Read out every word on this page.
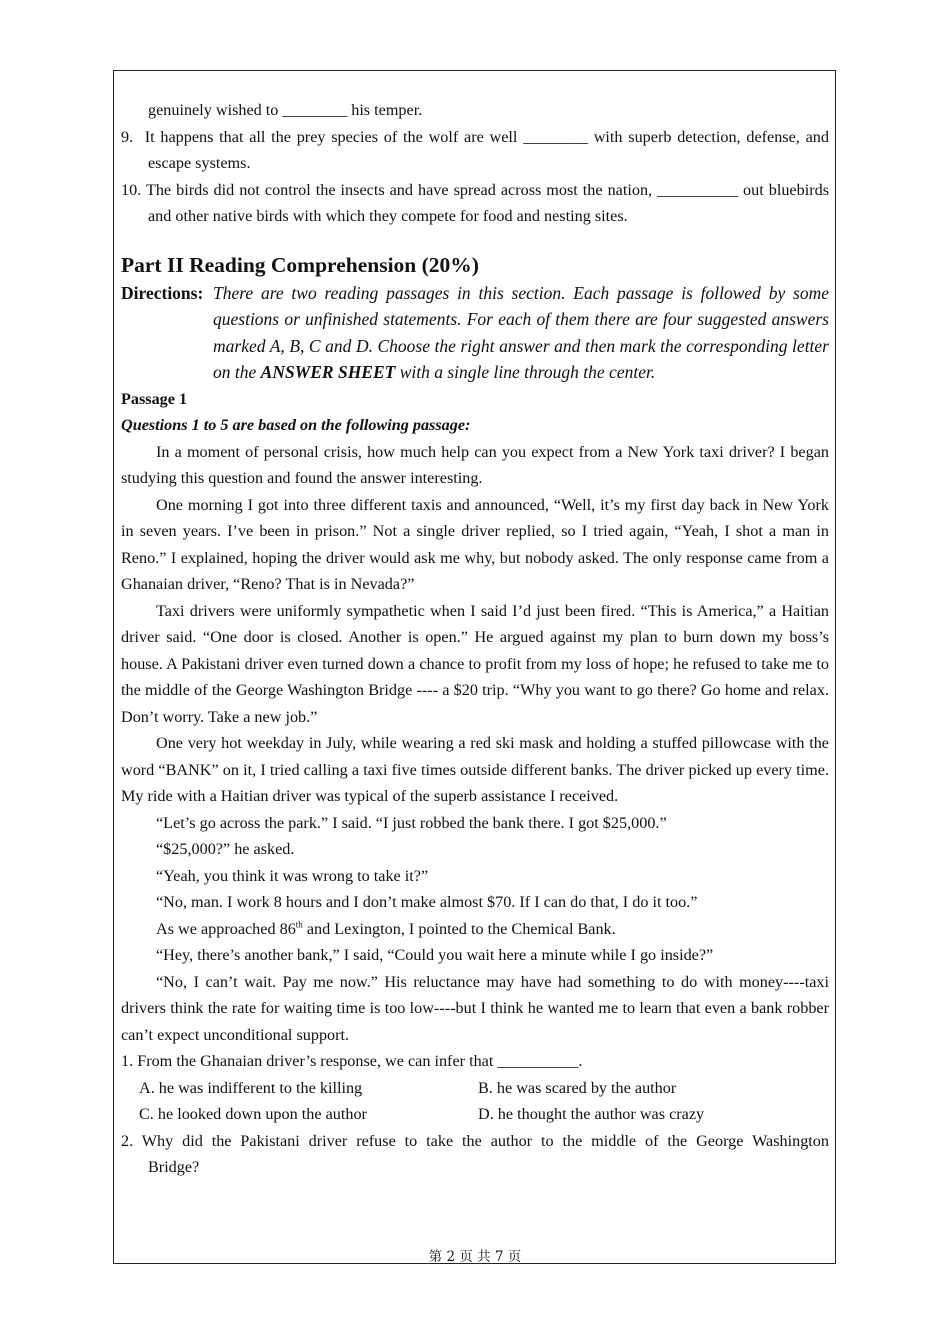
genuinely wished to ________ his temper.

9.  It happens that all the prey species of the wolf are well ________ with superb detection, defense, and escape systems.

10. The birds did not control the insects and have spread across most the nation, __________ out bluebirds and other native birds with which they compete for food and nesting sites.

Part II Reading Comprehension (20%)

Directions: There are two reading passages in this section. Each passage is followed by some questions or unfinished statements. For each of them there are four suggested answers marked A, B, C and D. Choose the right answer and then mark the corresponding letter on the ANSWER SHEET with a single line through the center.

Passage 1

Questions 1 to 5 are based on the following passage:

In a moment of personal crisis, how much help can you expect from a New York taxi driver? I began studying this question and found the answer interesting.

One morning I got into three different taxis and announced, “Well, it’s my first day back in New York in seven years. I’ve been in prison.” Not a single driver replied, so I tried again, “Yeah, I shot a man in Reno.” I explained, hoping the driver would ask me why, but nobody asked. The only response came from a Ghanaian driver, “Reno? That is in Nevada?”

Taxi drivers were uniformly sympathetic when I said I’d just been fired. “This is America,” a Haitian driver said. “One door is closed. Another is open.” He argued against my plan to burn down my boss’s house. A Pakistani driver even turned down a chance to profit from my loss of hope; he refused to take me to the middle of the George Washington Bridge ---- a $20 trip. “Why you want to go there? Go home and relax. Don’t worry. Take a new job.”

One very hot weekday in July, while wearing a red ski mask and holding a stuffed pillowcase with the word “BANK” on it, I tried calling a taxi five times outside different banks. The driver picked up every time. My ride with a Haitian driver was typical of the superb assistance I received.

“Let’s go across the park.” I said. “I just robbed the bank there. I got $25,000.”

“$25,000?” he asked.

“Yeah, you think it was wrong to take it?”

“No, man. I work 8 hours and I don’t make almost $70. If I can do that, I do it too.”

As we approached 86th and Lexington, I pointed to the Chemical Bank.

“Hey, there’s another bank,” I said, “Could you wait here a minute while I go inside?”

“No, I can’t wait. Pay me now.” His reluctance may have had something to do with money----taxi drivers think the rate for waiting time is too low----but I think he wanted me to learn that even a bank robber can’t expect unconditional support.

1. From the Ghanaian driver’s response, we can infer that __________.

A. he was indifferent to the killing	B. he was scared by the author
C. he looked down upon the author	D. he thought the author was crazy

2. Why did the Pakistani driver refuse to take the author to the middle of the George Washington

Bridge?

第 2 页 共 7 页
